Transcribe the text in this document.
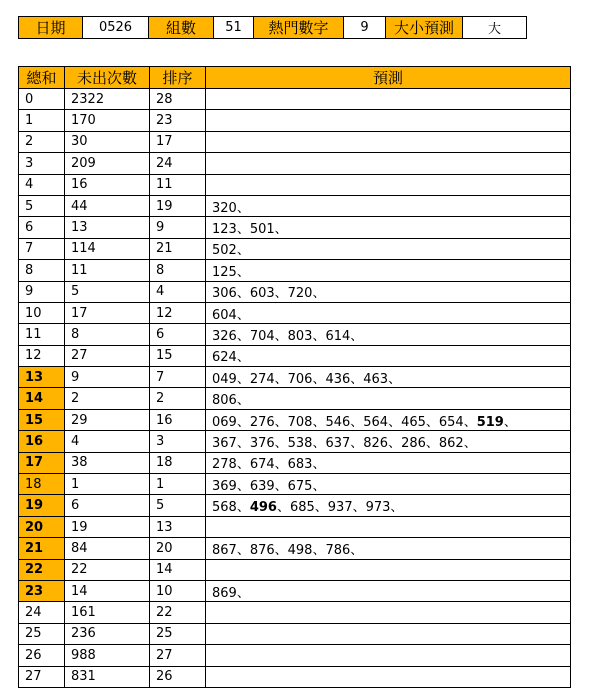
日期	0526	組數	51	熱門數字	9	大小預測	大
總和	未出次數	排序	預測
0	2322	28	
1	170	23	
2	30	17	
3	209	24	
4	16	11	
5	44	19	320、
6	13	9	123、501、
7	114	21	502、
8	11	8	125、
9	5	4	306、603、720、
10	17	12	604、
11	8	6	326、704、803、614、
12	27	15	624、
13	9	7	049、274、706、436、463、
14	2	2	806、
15	29	16	069、276、708、546、564、465、654、519、
16	4	3	367、376、538、637、826、286、862、
17	38	18	278、674、683、
18	1	1	369、639、675、
19	6	5	568、496、685、937、973、
20	19	13	
21	84	20	867、876、498、786、
22	22	14	
23	14	10	869、
24	161	22	
25	236	25	
26	988	27	
27	831	26	
